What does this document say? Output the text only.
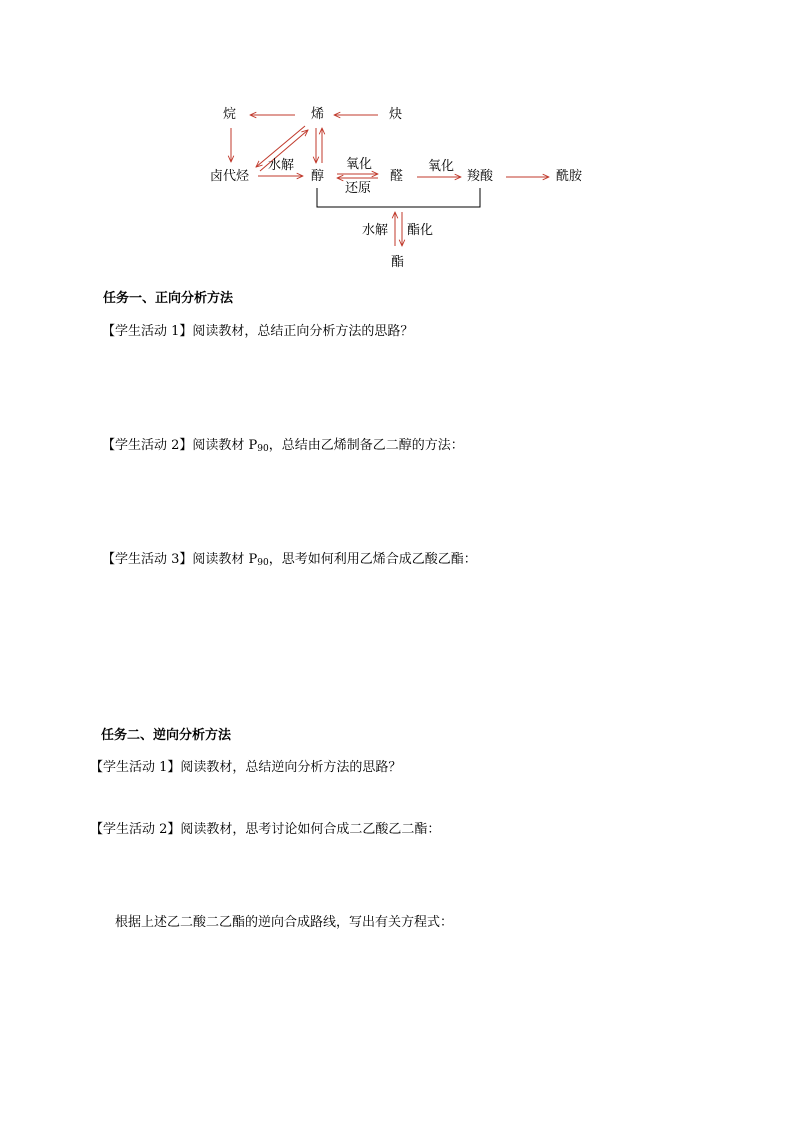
烷	烯	炔
卤代烃	醇	醛	羧酸	酰胺
酯
水解	氧化
还原
氧化
水解 酯化
任务一、正向分析方法
【学生活动 1】阅读教材，总结正向分析方法的思路？
【学生活动 2】阅读教材 $P_{90}$，总结由乙烯制备乙二醇的方法：
【学生活动 3】阅读教材 $P_{90}$，思考如何利用乙烯合成乙酸乙酯：
任务二、逆向分析方法
【学生活动 1】阅读教材，总结逆向分析方法的思路？
【学生活动 2】阅读教材，思考讨论如何合成二乙酸乙二酯：
根据上述乙二酸二乙酯的逆向合成路线，写出有关方程式：
